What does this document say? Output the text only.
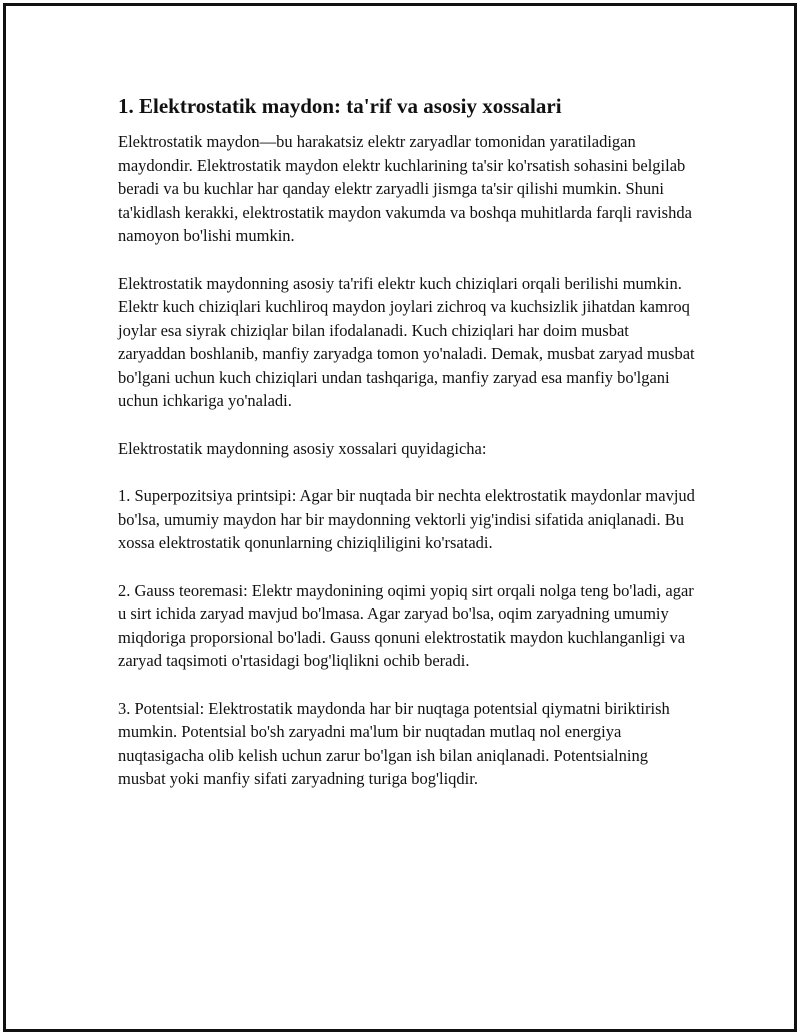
1. Elektrostatik maydon: ta'rif va asosiy xossalari

Elektrostatik maydon—bu harakatsiz elektr zaryadlar tomonidan yaratiladigan maydondir. Elektrostatik maydon elektr kuchlarining ta'sir ko'rsatish sohasini belgilab beradi va bu kuchlar har qanday elektr zaryadli jismga ta'sir qilishi mumkin. Shuni ta'kidlash kerakki, elektrostatik maydon vakumda va boshqa muhitlarda farqli ravishda namoyon bo'lishi mumkin.

Elektrostatik maydonning asosiy ta'rifi elektr kuch chiziqlari orqali berilishi mumkin. Elektr kuch chiziqlari kuchliroq maydon joylari zichroq va kuchsizlik jihatdan kamroq joylar esa siyrak chiziqlar bilan ifodalanadi. Kuch chiziqlari har doim musbat zaryaddan boshlanib, manfiy zaryadga tomon yo'naladi. Demak, musbat zaryad musbat bo'lgani uchun kuch chiziqlari undan tashqariga, manfiy zaryad esa manfiy bo'lgani uchun ichkariga yo'naladi.

Elektrostatik maydonning asosiy xossalari quyidagicha:

1. Superpozitsiya printsipi: Agar bir nuqtada bir nechta elektrostatik maydonlar mavjud bo'lsa, umumiy maydon har bir maydonning vektorli yig'indisi sifatida aniqlanadi. Bu xossa elektrostatik qonunlarning chiziqliligini ko'rsatadi.

2. Gauss teoremasi: Elektr maydonining oqimi yopiq sirt orqali nolga teng bo'ladi, agar u sirt ichida zaryad mavjud bo'lmasa. Agar zaryad bo'lsa, oqim zaryadning umumiy miqdoriga proporsional bo'ladi. Gauss qonuni elektrostatik maydon kuchlanganligi va zaryad taqsimoti o'rtasidagi bog'liqlikni ochib beradi.

3. Potentsial: Elektrostatik maydonda har bir nuqtaga potentsial qiymatni biriktirish mumkin. Potentsial bo'sh zaryadni ma'lum bir nuqtadan mutlaq nol energiya nuqtasigacha olib kelish uchun zarur bo'lgan ish bilan aniqlanadi. Potentsialning musbat yoki manfiy sifati zaryadning turiga bog'liqdir.
